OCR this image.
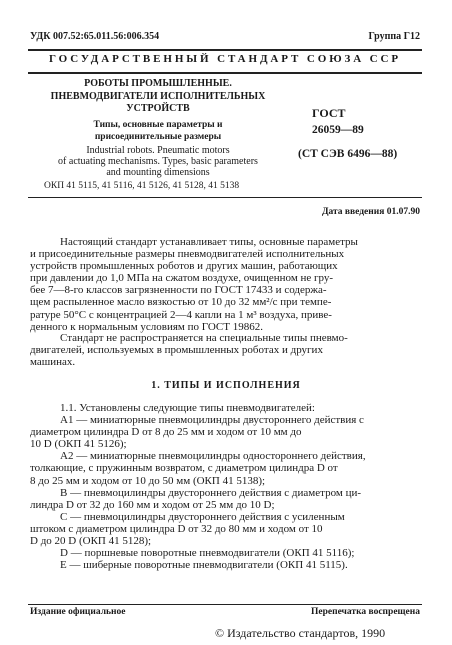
УДК 007.52:65.011.56:006.354	Группа Г12
ГОСУДАРСТВЕННЫЙ СТАНДАРТ СОЮЗА ССР
РОБОТЫ ПРОМЫШЛЕННЫЕ.
ПНЕВМОДВИГАТЕЛИ ИСПОЛНИТЕЛЬНЫХ
УСТРОЙСТВ
Типы, основные параметры и
присоединительные размеры
Industrial robots. Pneumatic motors
of actuating mechanisms. Types, basic parameters
and mounting dimensions
ОКП 41 5115, 41 5116, 41 5126, 41 5128, 41 5138
ГОСТ
26059—89
(СТ СЭВ 6496—88)
Дата введения 01.07.90
Настоящий стандарт устанавливает типы, основные параметры
и присоединительные размеры пневмодвигателей исполнительных
устройств промышленных роботов и других машин, работающих
при давлении до 1,0 МПа на сжатом воздухе, очищенном не гру-
бее 7—8-го классов загрязненности по ГОСТ 17433 и содержа-
щем распыленное масло вязкостью от 10 до 32 мм²/с при темпе-
ратуре 50°С с концентрацией 2—4 капли на 1 м³ воздуха, приве-
денного к нормальным условиям по ГОСТ 19862.
Стандарт не распространяется на специальные типы пневмо-
двигателей, используемых в промышленных роботах и других
машинах.
1. ТИПЫ И ИСПОЛНЕНИЯ
1.1. Установлены следующие типы пневмодвигателей:
А1 — миниатюрные пневмоцилиндры двустороннего действия с
диаметром цилиндра D от 8 до 25 мм и ходом от 10 мм до
10 D (ОКП 41 5126);
А2 — миниатюрные пневмоцилиндры одностороннего действия,
толкающие, с пружинным возвратом, с диаметром цилиндра D от
8 до 25 мм и ходом от 10 до 50 мм (ОКП 41 5138);
В — пневмоцилиндры двустороннего действия с диаметром ци-
линдра D от 32 до 160 мм и ходом от 25 мм до 10 D;
С — пневмоцилиндры двустороннего действия с усиленным
штоком с диаметром цилиндра D от 32 до 80 мм и ходом от 10
D до 20 D (ОКП 41 5128);
D — поршневые поворотные пневмодвигатели (ОКП 41 5116);
Е — шиберные поворотные пневмодвигатели (ОКП 41 5115).
Издание официальное	Перепечатка воспрещена
© Издательство стандартов, 1990
